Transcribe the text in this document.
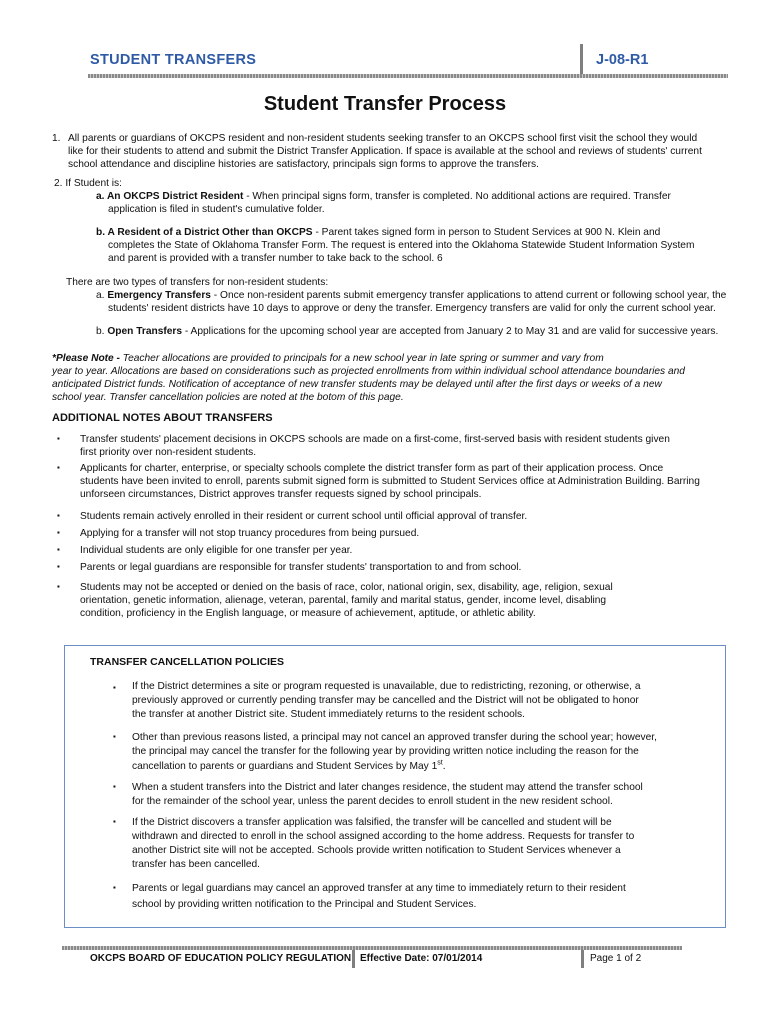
STUDENT TRANSFERS	J-08-R1
Student Transfer Process
1. All parents or guardians of OKCPS resident and non-resident students seeking transfer to an OKCPS school first visit the school they would
like for their students to attend and submit the District Transfer Application. If space is available at the school and reviews of students' current
school attendance and discipline histories are satisfactory, principals sign forms to approve the transfers.
2. If Student is:
a. An OKCPS District Resident - When principal signs form, transfer is completed. No additional actions are required. Transfer
application is filed in student's cumulative folder.
b. A Resident of a District Other than OKCPS - Parent takes signed form in person to Student Services at 900 N. Klein and
completes the State of Oklahoma Transfer Form. The request is entered into the Oklahoma Statewide Student Information System
and parent is provided with a transfer number to take back to the school. 6
There are two types of transfers for non-resident students:
a. Emergency Transfers - Once non-resident parents submit emergency transfer applications to attend current or following school year, the
students' resident districts have 10 days to approve or deny the transfer. Emergency transfers are valid for only the current school year.
b. Open Transfers - Applications for the upcoming school year are accepted from January 2 to May 31 and are valid for successive years.
*Please Note - Teacher allocations are provided to principals for a new school year in late spring or summer and vary from
year to year. Allocations are based on considerations such as projected enrollments from within individual school attendance boundaries and
anticipated District funds. Notification of acceptance of new transfer students may be delayed until after the first days or weeks of a new
school year. Transfer cancellation policies are noted at the botom of this page.
ADDITIONAL NOTES ABOUT TRANSFERS
▪ Transfer students' placement decisions in OKCPS schools are made on a first-come, first-served basis with resident students given
first priority over non-resident students.
▪ Applicants for charter, enterprise, or specialty schools complete the district transfer form as part of their application process. Once
students have been invited to enroll, parents submit signed form is submitted to Student Services office at Administration Building. Barring
unforseen circumstances, District approves transfer requests signed by school principals.
▪ Students remain actively enrolled in their resident or current school until official approval of transfer.
▪ Applying for a transfer will not stop truancy procedures from being pursued.
▪ Individual students are only eligible for one transfer per year.
▪ Parents or legal guardians are responsible for transfer students' transportation to and from school.
▪ Students may not be accepted or denied on the basis of race, color, national origin, sex, disability, age, religion, sexual
orientation, genetic information, alienage, veteran, parental, family and marital status, gender, income level, disabling
condition, proficiency in the English language, or measure of achievement, aptitude, or athletic ability.
TRANSFER CANCELLATION POLICIES
▪ If the District determines a site or program requested is unavailable, due to redistricting, rezoning, or otherwise, a
previously approved or currently pending transfer may be cancelled and the District will not be obligated to honor
the transfer at another District site. Student immediately returns to the resident schools.
▪ Other than previous reasons listed, a principal may not cancel an approved transfer during the school year; however,
the principal may cancel the transfer for the following year by providing written notice including the reason for the
cancellation to parents or guardians and Student Services by May 1st.
▪ When a student transfers into the District and later changes residence, the student may attend the transfer school
for the remainder of the school year, unless the parent decides to enroll student in the new resident school.
▪ If the District discovers a transfer application was falsified, the transfer will be cancelled and student will be
withdrawn and directed to enroll in the school assigned according to the home address. Requests for transfer to
another District site will not be accepted. Schools provide written notification to Student Services whenever a
transfer has been cancelled.
▪ Parents or legal guardians may cancel an approved transfer at any time to immediately return to their resident
school by providing written notification to the Principal and Student Services.
OKCPS BOARD OF EDUCATION POLICY REGULATION Effective Date: 07/01/2014	Page 1 of 2
